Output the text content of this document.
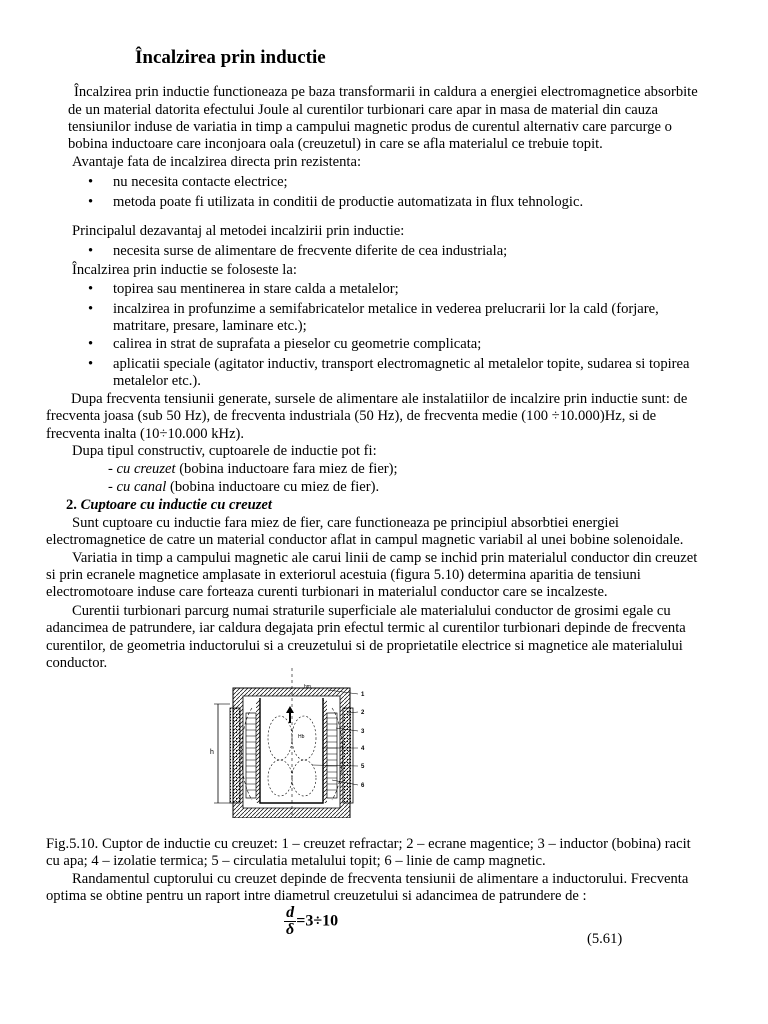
Încalzirea prin inductie

Încalzirea prin inductie functioneaza pe baza transformarii in caldura a energiei electromagnetice absorbite

de un material datorita efectului Joule al curentilor turbionari care apar in masa de material din cauza

tensiunilor induse de variatia in timp a campului magnetic produs de curentul alternativ care parcurge o

bobina inductoare care inconjoara oala (creuzetul) in care se afla materialul ce trebuie topit.

Avantaje fata de incalzirea directa prin rezistenta:

• nu necesita contacte electrice;
• metoda poate fi utilizata in conditii de productie automatizata in flux tehnologic.

Principalul dezavantaj al metodei incalzirii prin inductie:

• necesita surse de alimentare de frecvente diferite de cea industriala;

Încalzirea prin inductie se foloseste la:

• topirea sau mentinerea in stare calda a metalelor;
• incalzirea in profunzime a semifabricatelor metalice in vederea prelucrarii lor la cald (forjare,
matritare, presare, laminare etc.);
• calirea in strat de suprafata a pieselor cu geometrie complicata;
• aplicatii speciale (agitator inductiv, transport electromagnetic al metalelor topite, sudarea si topirea
metalelor etc.).

Dupa frecventa tensiunii generate, sursele de alimentare ale instalatiilor de incalzire prin inductie sunt: de

frecventa joasa (sub 50 Hz), de frecventa industriala (50 Hz), de frecventa medie (100 ÷10.000)Hz, si de

frecventa inalta (10÷10.000 kHz).

Dupa tipul constructiv, cuptoarele de inductie pot fi:

- cu creuzet (bobina inductoare fara miez de fier);

- cu canal (bobina inductoare cu miez de fier).

2. Cuptoare cu inductie cu creuzet

Sunt cuptoare cu inductie fara miez de fier, care functioneaza pe principiul absorbtiei energiei

electromagnetice de catre un material conductor aflat in campul magnetic variabil al unei bobine solenoidale.

Variatia in timp a campului magnetic ale carui linii de camp se inchid prin materialul conductor din creuzet

si prin ecranele magnetice amplasate in exteriorul acestuia (figura 5.10) determina aparitia de tensiuni

electromotoare induse care forteaza curenti turbionari in materialul conductor care se incalzeste.

Curentii turbionari parcurg numai straturile superficiale ale materialului conductor de grosimi egale cu

adancimea de patrundere, iar caldura degajata prin efectul termic al curentilor turbionari depinde de frecventa

curentilor, de geometria inductorului si a creuzetului si de proprietatile electrice si magnetice ale materialului

conductor.

h
Hb
hm
1
2
3
4
5
6

Fig.5.10. Cuptor de inductie cu creuzet: 1 – creuzet refractar; 2 – ecrane magentice; 3 – inductor (bobina) racit

cu apa; 4 – izolatie termica; 5 – circulatia metalului topit; 6 – linie de camp magnetic.

Randamentul cuptorului cu creuzet depinde de frecventa tensiunii de alimentare a inductorului. Frecventa

optima se obtine pentru un raport intre diametrul creuzetului si adancimea de patrundere de :

$\frac{d}{\delta} =3\div 10$
(5.61)
